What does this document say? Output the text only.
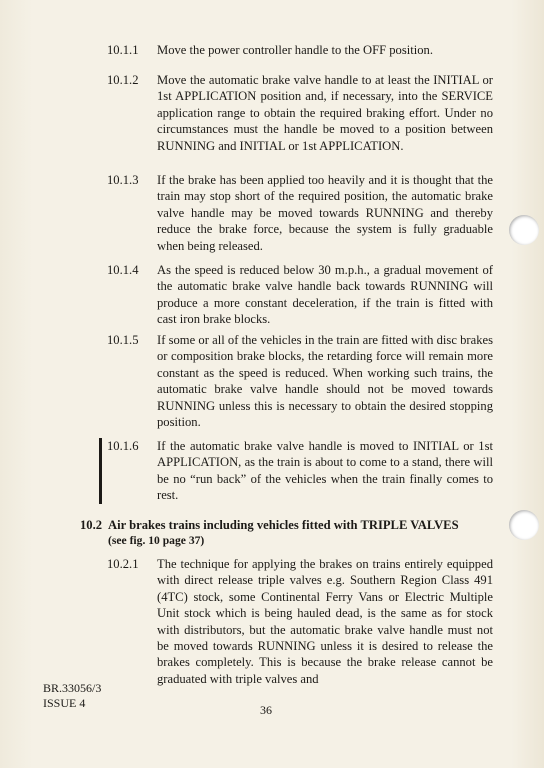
10.1.1	Move the power controller handle to the OFF position.
10.1.2	Move the automatic brake valve handle to at least the INITIAL or 1st APPLICATION position and, if necessary, into the SERVICE application range to obtain the required braking effort. Under no circumstances must the handle be moved to a position between RUNNING and INITIAL or 1st APPLICATION.
10.1.3	If the brake has been applied too heavily and it is thought that the train may stop short of the required position, the automatic brake valve handle may be moved towards RUNNING and thereby reduce the brake force, because the system is fully graduable when being released.
10.1.4	As the speed is reduced below 30 m.p.h., a gradual movement of the automatic brake valve handle back towards RUNNING will produce a more constant deceleration, if the train is fitted with cast iron brake blocks.
10.1.5	If some or all of the vehicles in the train are fitted with disc brakes or composition brake blocks, the retarding force will remain more constant as the speed is reduced. When working such trains, the automatic brake valve handle should not be moved towards RUNNING unless this is necessary to obtain the desired stopping position.
10.1.6	If the automatic brake valve handle is moved to INITIAL or 1st APPLICATION, as the train is about to come to a stand, there will be no “run back” of the vehicles when the train finally comes to rest.
10.2 Air brakes trains including vehicles fitted with TRIPLE VALVES
(see fig. 10 page 37)
10.2.1	The technique for applying the brakes on trains entirely equipped with direct release triple valves e.g. Southern Region Class 491 (4TC) stock, some Continental Ferry Vans or Electric Multiple Unit stock which is being hauled dead, is the same as for stock with distributors, but the automatic brake valve handle must not be moved towards RUNNING unless it is desired to release the brakes completely. This is because the brake release cannot be graduated with triple valves and
BR.33056/3
ISSUE 4	36
